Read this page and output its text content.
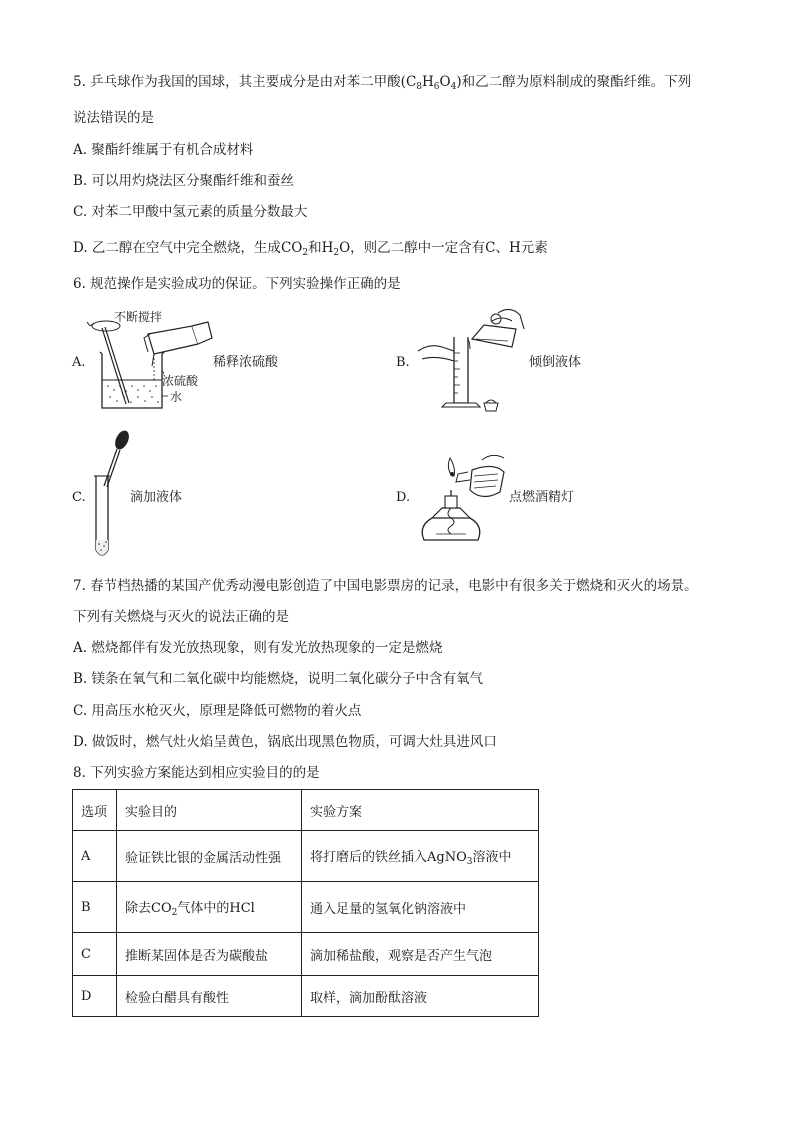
5. 乒乓球作为我国的国球，其主要成分是由对苯二甲酸$(C_8H_6O_4)$和乙二醇为原料制成的聚酯纤维。下列
说法错误的是
A. 聚酯纤维属于有机合成材料
B. 可以用灼烧法区分聚酯纤维和蚕丝
C. 对苯二甲酸中氢元素的质量分数最大
D. 乙二醇在空气中完全燃烧，生成$CO_2$和$H_2O$，则乙二醇中一定含有C、H元素
6. 规范操作是实验成功的保证。下列实验操作正确的是
A.
不断搅拌
浓硫酸
水
稀释浓硫酸	B.	倾倒液体
C.	滴加液体	D.	点燃酒精灯
7. 春节档热播的某国产优秀动漫电影创造了中国电影票房的记录，电影中有很多关于燃烧和灭火的场景。
下列有关燃烧与灭火的说法正确的是
A. 燃烧都伴有发光放热现象，则有发光放热现象的一定是燃烧
B. 镁条在氧气和二氧化碳中均能燃烧，说明二氧化碳分子中含有氧气
C. 用高压水枪灭火，原理是降低可燃物的着火点
D. 做饭时，燃气灶火焰呈黄色，锅底出现黑色物质，可调大灶具进风口
8. 下列实验方案能达到相应实验目的的是
选项	实验目的	实验方案
A	验证铁比银的金属活动性强	将打磨后的铁丝插入AgNO$_3$溶液中
B	除去$CO_2$气体中的HCl	通入足量的氢氧化钠溶液中
C	推断某固体是否为碳酸盐	滴加稀盐酸，观察是否产生气泡
D	检验白醋具有酸性	取样，滴加酚酞溶液
